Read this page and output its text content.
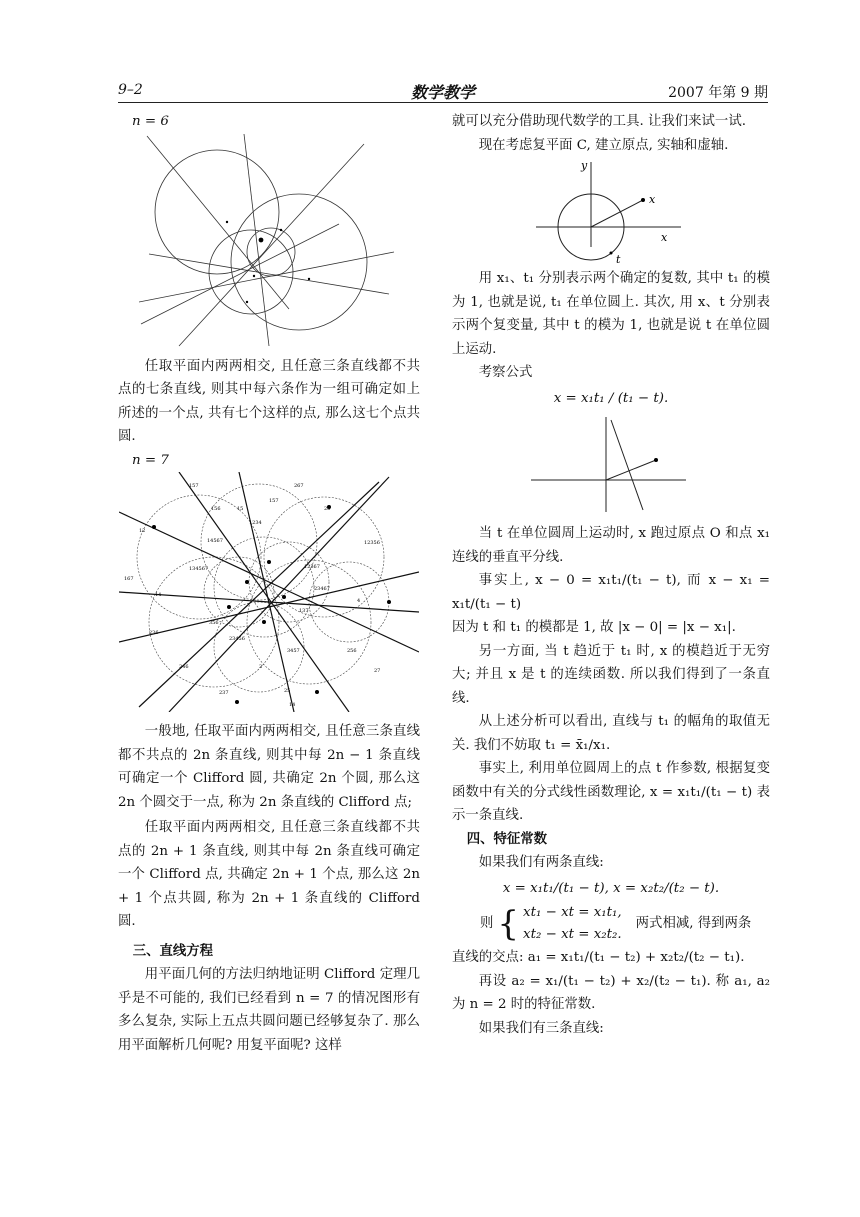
9–2	数学教学	2007 年第 9 期

n = 6

任取平面内两两相交, 且任意三条直线都不共点的七条直线, 则其中每六条作为一组可确定如上所述的一个点, 共有七个这样的点, 那么这七个点共圆.

n = 7

157	267
156	15
157
26
12
1234
14567	12356
167
134567	12367
14
23467
4
356
137
23456
236
246
3457	256
27
237	25
14
3

一般地, 任取平面内两两相交, 且任意三条直线都不共点的 2n 条直线, 则其中每 2n − 1 条直线可确定一个 Clifford 圆, 共确定 2n 个圆, 那么这 2n 个圆交于一点, 称为 2n 条直线的 Clifford 点;

任取平面内两两相交, 且任意三条直线都不共点的 2n + 1 条直线, 则其中每 2n 条直线可确定一个 Clifford 点, 共确定 2n + 1 个点, 那么这 2n + 1 个点共圆, 称为 2n + 1 条直线的 Clifford 圆.

三、直线方程

用平面几何的方法归纳地证明 Clifford 定理几乎是不可能的, 我们已经看到 n = 7 的情况图形有多么复杂, 实际上五点共圆问题已经够复杂了. 那么用平面解析几何呢? 用复平面呢? 这样

就可以充分借助现代数学的工具. 让我们来试一试.

现在考虑复平面 C, 建立原点, 实轴和虚轴.

y
x
x
t

用 x₁、t₁ 分别表示两个确定的复数, 其中 t₁ 的模为 1, 也就是说, t₁ 在单位圆上. 其次, 用 x、t 分别表示两个复变量, 其中 t 的模为 1, 也就是说 t 在单位圆上运动.

考察公式

x = x₁t₁ / (t₁ − t).

当 t 在单位圆周上运动时, x 跑过原点 O 和点 x₁ 连线的垂直平分线.

事实上, x − 0 = x₁t₁/(t₁ − t), 而 x − x₁ = x₁t/(t₁ − t)

因为 t 和 t₁ 的模都是 1, 故 |x − 0| = |x − x₁|.

另一方面, 当 t 趋近于 t₁ 时, x 的模趋近于无穷大; 并且 x 是 t 的连续函数. 所以我们得到了一条直线.

从上述分析可以看出, 直线与 t₁ 的幅角的取值无关. 我们不妨取 t₁ = x̄₁/x₁.

事实上, 利用单位圆周上的点 t 作参数, 根据复变函数中有关的分式线性函数理论, x = x₁t₁/(t₁ − t) 表示一条直线.

四、特征常数

如果我们有两条直线:

x = x₁t₁/(t₁ − t), x = x₂t₂/(t₂ − t).

则 { xt₁ − xt = x₁t₁,
xt₂ − xt = x₂t₂.
两式相减, 得到两条

直线的交点: a₁ = x₁t₁/(t₁ − t₂) + x₂t₂/(t₂ − t₁).

再设 a₂ = x₁/(t₁ − t₂) + x₂/(t₂ − t₁). 称 a₁, a₂ 为 n = 2 时的特征常数.

如果我们有三条直线:
